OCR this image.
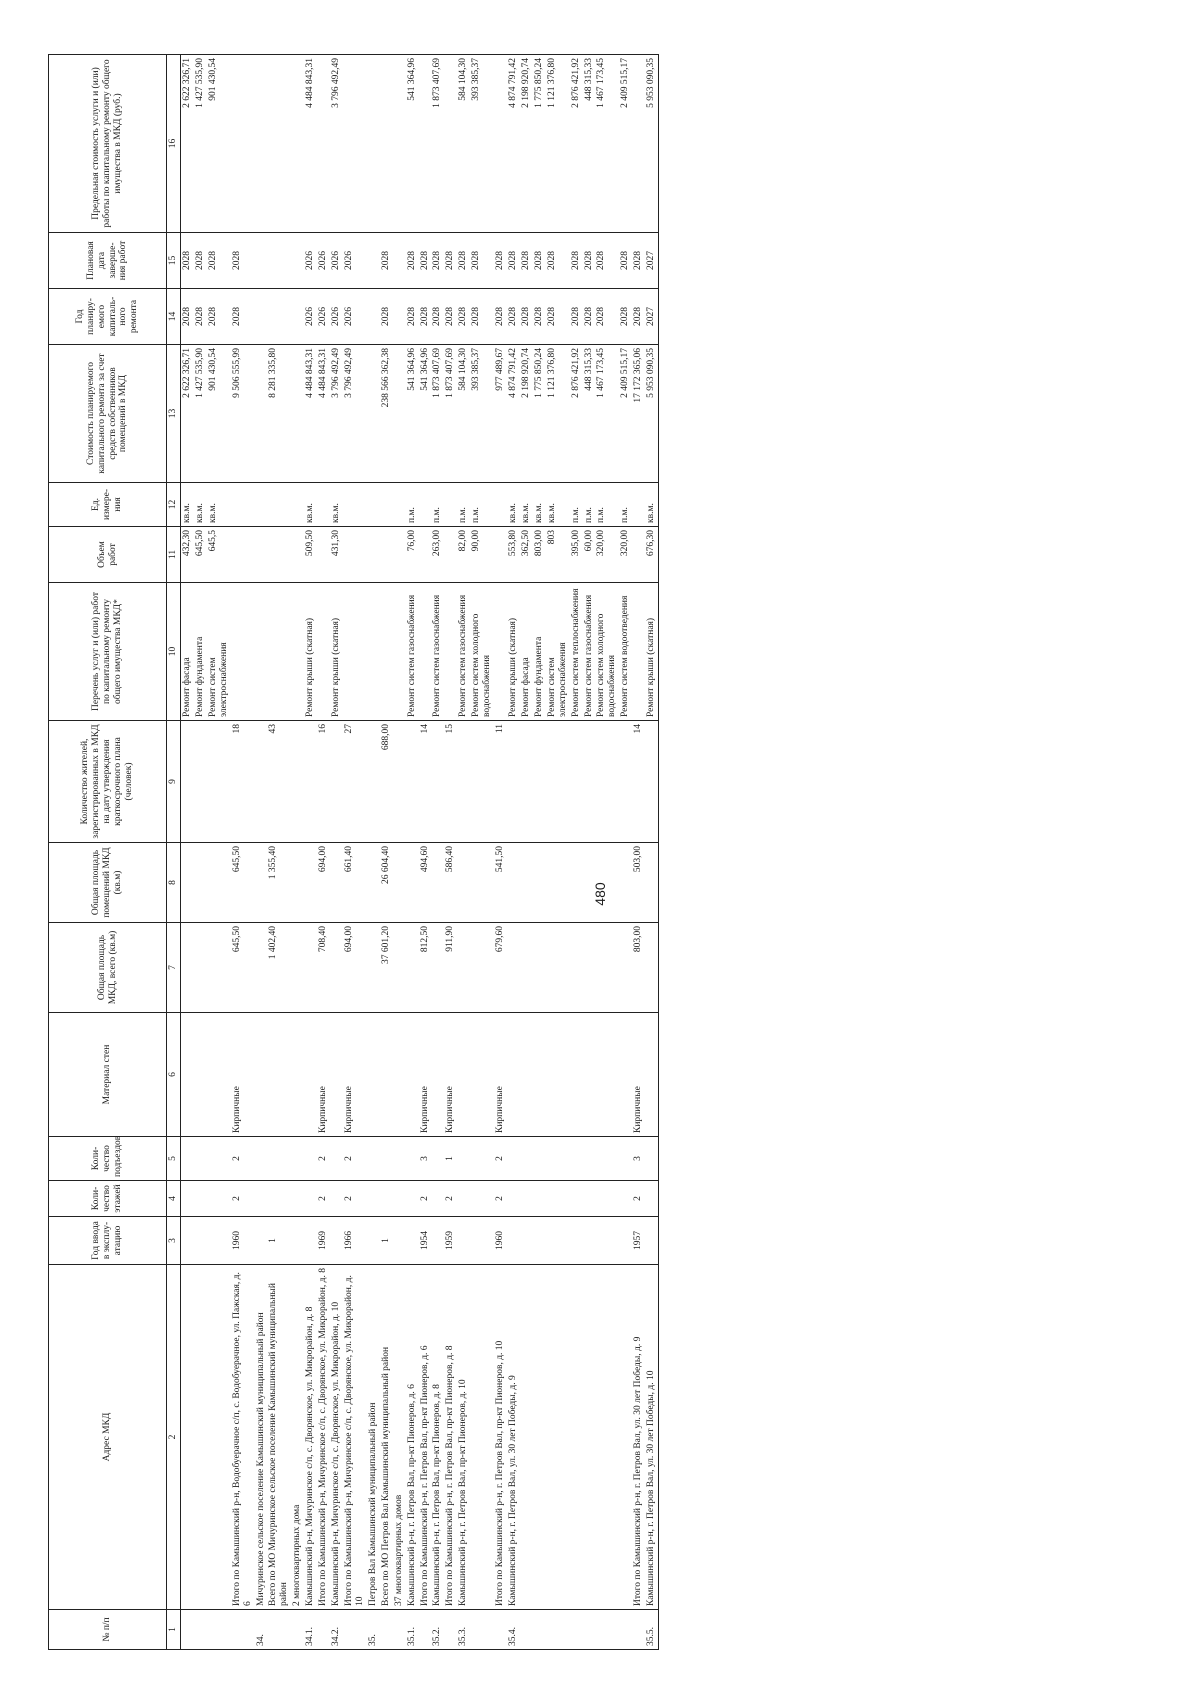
480
№ п/п	Адрес МКД	Год ввода в эксплу-атацию	Коли-чество этажей	Коли-чество подъездов	Материал стен	Общая площадь МКД, всего (кв.м)	Общая площадь помещений МКД (кв.м)	Количество жителей, зарегистрированных в МКД на дату утверждения краткосрочного плана (человек)	Перечень услуг и (или) работ по капитальному ремонту общего имущества МКД*	Объем работ	Ед. измере-ния	Стоимость планируемого капитального ремонта за счет средств собственников помещений в МКД	Год планиру-емого капиталь-ного ремонта	Плановая дата заверше-ния работ	Предельная стоимость услуги и (или) работы по капитальному ремонту общего имущества в МКД (руб.)
1	2	3	4	5	6	7	8	9	10	11	12	13	14	15	16
									Ремонт фасада	432,30	кв.м.	2 622 326,71	2028	2028	2 622 326,71
									Ремонт фундамента	645,50	кв.м.	1 427 535,90	2028	2028	1 427 535,90
									Ремонт систем электроснабжения	645,5	кв.м.	901 430,54	2028	2028	901 430,54
	Итого по Камышинский р-н, Водобуерачное с/п, с. Водобуерачное, ул. Пажская, д. 6	1960	2	2	Кирпичные	645,50	645,50	18				9 506 555,99	2028	2028	
34.	Мичуринское сельское поселение Камышинский муниципальный район														
	Всего по МО Мичуринское сельское поселение Камышинский муниципальный район	1				1 402,40	1 355,40	43				8 281 335,80			
	2 многоквартирных дома														
34.1.	Камышинский р-н, Мичуринское с/п, с. Дворянское, ул. Микрорайон, д. 8								Ремонт крыши (скатная)	509,50	кв.м.	4 484 843,31	2026	2026	4 484 843,31
	Итого по Камышинский р-н, Мичуринское с/п, с. Дворянское, ул. Микрорайон, д. 8	1969	2	2	Кирпичные	708,40	694,00	16				4 484 843,31	2026	2026	
34.2.	Камышинский р-н, Мичуринское с/п, с. Дворянское, ул. Микрорайон, д. 10								Ремонт крыши (скатная)	431,30	кв.м.	3 796 492,49	2026	2026	3 796 492,49
	Итого по Камышинский р-н, Мичуринское с/п, с. Дворянское, ул. Микрорайон, д. 10	1966	2	2	Кирпичные	694,00	661,40	27				3 796 492,49	2026	2026	
35.	Петров Вал Камышинский муниципальный район														
	Всего по МО Петров Вал Камышинский муниципальный район	1				37 601,20	26 604,40	688,00				238 566 362,38	2028	2028	
	37 многоквартирных домов														
35.1.	Камышинский р-н, г. Петров Вал, пр-кт Пионеров, д. 6								Ремонт систем газоснабжения	76,00	п.м.	541 364,96	2028	2028	541 364,96
	Итого по Камышинский р-н, г. Петров Вал, пр-кт Пионеров, д. 6	1954	2	3	Кирпичные	812,50	494,60	14				541 364,96	2028	2028	
35.2.	Камышинский р-н, г. Петров Вал, пр-кт Пионеров, д. 8								Ремонт систем газоснабжения	263,00	п.м.	1 873 407,69	2028	2028	1 873 407,69
	Итого по Камышинский р-н, г. Петров Вал, пр-кт Пионеров, д. 8	1959	2	1	Кирпичные	911,90	586,40	15				1 873 407,69	2028	2028	
35.3.	Камышинский р-н, г. Петров Вал, пр-кт Пионеров, д. 10								Ремонт систем газоснабжения	82,00	п.м.	584 104,30	2028	2028	584 104,30
									Ремонт систем холодного водоснабжения	90,00	п.м.	393 385,37	2028	2028	393 385,37
	Итого по Камышинский р-н, г. Петров Вал, пр-кт Пионеров, д. 10	1960	2	2	Кирпичные	679,60	541,50	11				977 489,67	2028	2028	
35.4.	Камышинский р-н, г. Петров Вал, ул. 30 лет Победы, д. 9								Ремонт крыши (скатная)	553,80	кв.м.	4 874 791,42	2028	2028	4 874 791,42
									Ремонт фасада	362,50	кв.м.	2 198 920,74	2028	2028	2 198 920,74
									Ремонт фундамента	803,00	кв.м.	1 775 850,24	2028	2028	1 775 850,24
									Ремонт систем электроснабжения	803	кв.м.	1 121 376,80	2028	2028	1 121 376,80
									Ремонт систем теплоснабжения	395,00	п.м.	2 876 421,92	2028	2028	2 876 421,92
									Ремонт систем газоснабжения	60,00	п.м.	448 315,33	2028	2028	448 315,33
									Ремонт систем холодного водоснабжения	320,00	п.м.	1 467 173,45	2028	2028	1 467 173,45
									Ремонт систем водоотведения	320,00	п.м.	2 409 515,17	2028	2028	2 409 515,17
	Итого по Камышинский р-н, г. Петров Вал, ул. 30 лет Победы, д. 9	1957	2	3	Кирпичные	803,00	503,00	14				17 172 365,06	2028	2028	
35.5.	Камышинский р-н, г. Петров Вал, ул. 30 лет Победы, д. 10								Ремонт крыши (скатная)	676,30	кв.м.	5 953 090,35	2027	2027	5 953 090,35
